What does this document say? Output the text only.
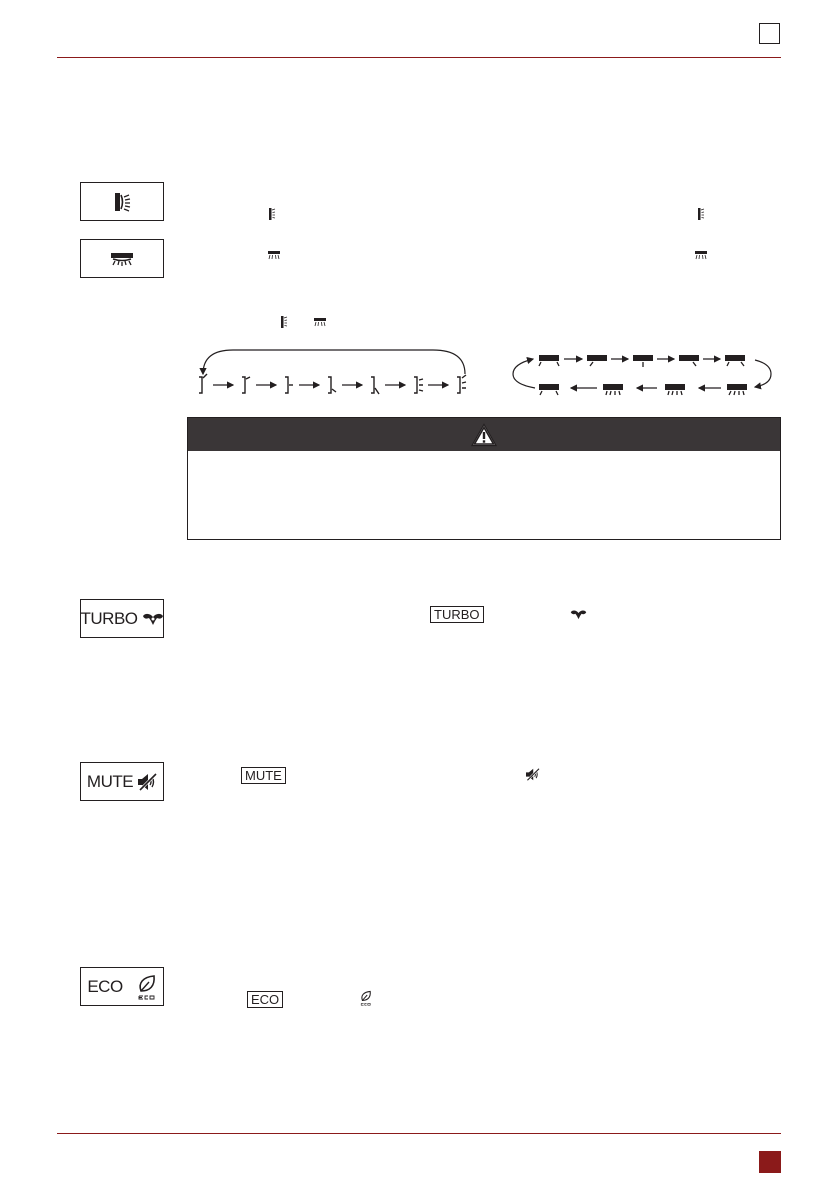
TURBO	TURBO
MUTE	MUTE
ECO
ECO
